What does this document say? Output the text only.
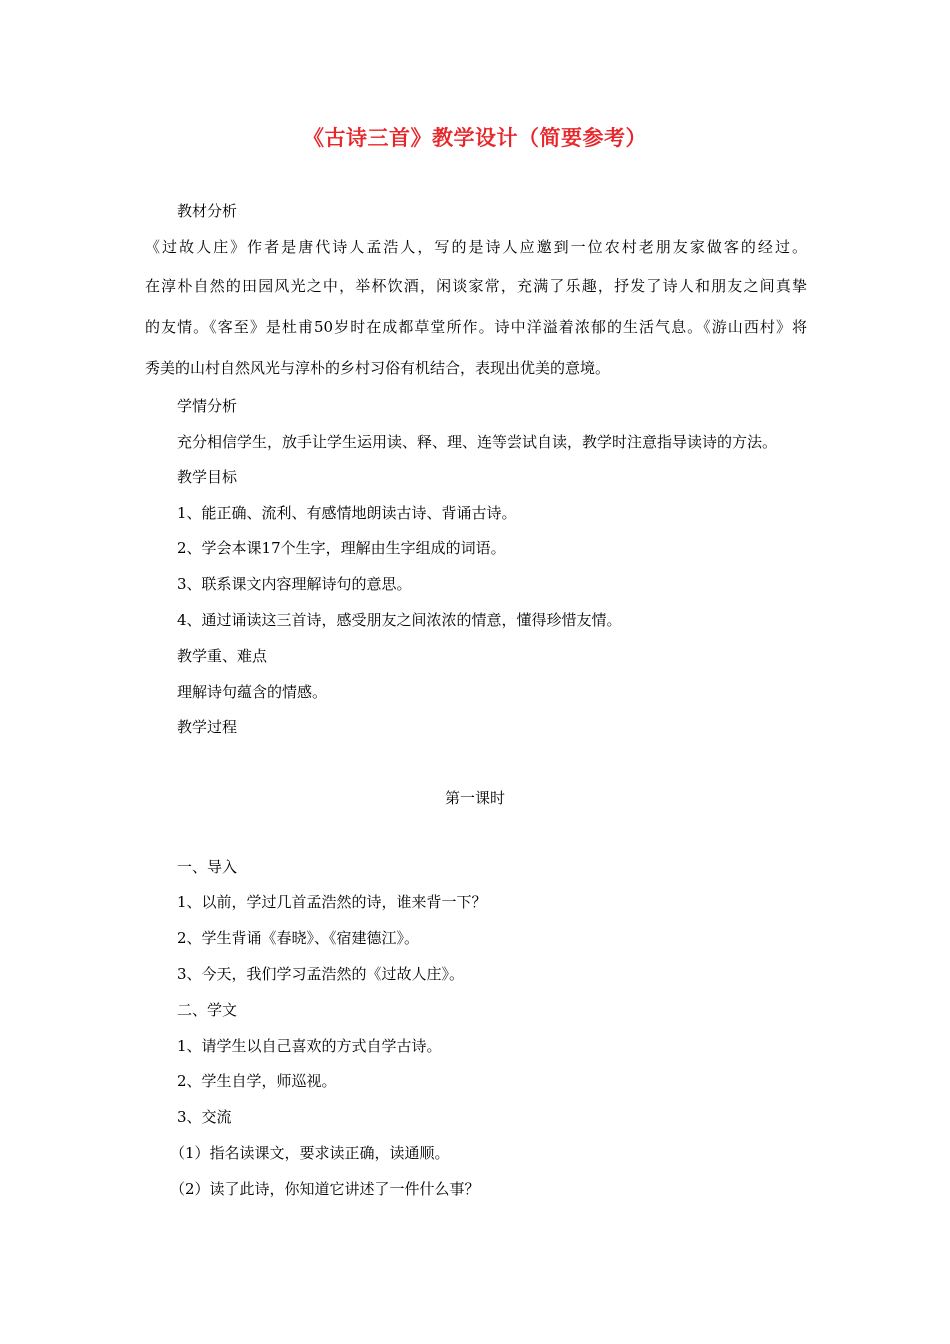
《古诗三首》教学设计（简要参考）
教材分析
《过故人庄》作者是唐代诗人孟浩人，写的是诗人应邀到一位农村老朋友家做客的经过。
在淳朴自然的田园风光之中，举杯饮酒，闲谈家常，充满了乐趣，抒发了诗人和朋友之间真挚
的友情。《客至》是杜甫50岁时在成都草堂所作。诗中洋溢着浓郁的生活气息。《游山西村》将
秀美的山村自然风光与淳朴的乡村习俗有机结合，表现出优美的意境。
学情分析
充分相信学生，放手让学生运用读、释、理、连等尝试自读，教学时注意指导读诗的方法。
教学目标
1、能正确、流利、有感情地朗读古诗、背诵古诗。
2、学会本课17个生字，理解由生字组成的词语。
3、联系课文内容理解诗句的意思。
4、通过诵读这三首诗，感受朋友之间浓浓的情意，懂得珍惜友情。
教学重、难点
理解诗句蕴含的情感。
教学过程
第一课时
一、导入
1、以前，学过几首孟浩然的诗，谁来背一下？
2、学生背诵《春晓》、《宿建德江》。
3、今天，我们学习孟浩然的《过故人庄》。
二、学文
1、请学生以自己喜欢的方式自学古诗。
2、学生自学，师巡视。
3、交流
（1）指名读课文，要求读正确，读通顺。
（2）读了此诗，你知道它讲述了一件什么事？
